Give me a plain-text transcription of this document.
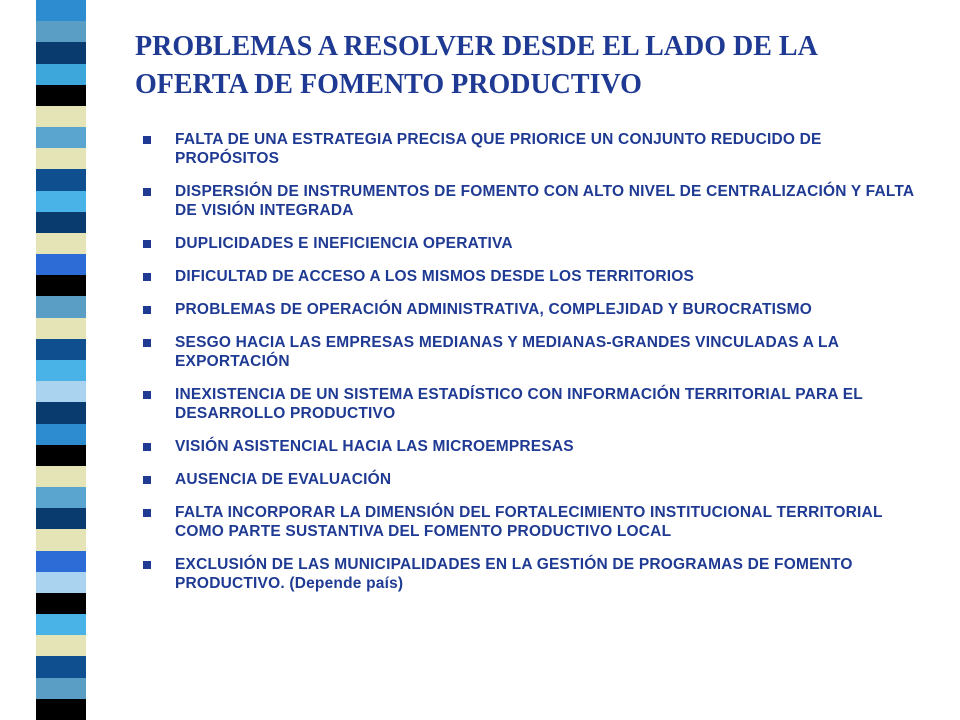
PROBLEMAS A RESOLVER DESDE EL LADO DE LA OFERTA DE FOMENTO PRODUCTIVO
FALTA DE UNA ESTRATEGIA PRECISA QUE PRIORICE UN CONJUNTO REDUCIDO DE PROPÓSITOS
DISPERSIÓN DE INSTRUMENTOS DE FOMENTO CON ALTO NIVEL DE CENTRALIZACIÓN Y FALTA DE VISIÓN INTEGRADA
DUPLICIDADES E INEFICIENCIA OPERATIVA
DIFICULTAD DE ACCESO A LOS MISMOS DESDE LOS TERRITORIOS
PROBLEMAS DE OPERACIÓN ADMINISTRATIVA, COMPLEJIDAD Y BUROCRATISMO
SESGO HACIA LAS EMPRESAS MEDIANAS Y MEDIANAS-GRANDES VINCULADAS A LA EXPORTACIÓN
INEXISTENCIA DE UN SISTEMA ESTADÍSTICO CON INFORMACIÓN TERRITORIAL PARA EL DESARROLLO PRODUCTIVO
VISIÓN ASISTENCIAL HACIA LAS MICROEMPRESAS
AUSENCIA DE EVALUACIÓN
FALTA INCORPORAR LA DIMENSIÓN DEL FORTALECIMIENTO INSTITUCIONAL TERRITORIAL COMO PARTE SUSTANTIVA DEL FOMENTO PRODUCTIVO LOCAL
EXCLUSIÓN DE LAS MUNICIPALIDADES EN LA GESTIÓN DE PROGRAMAS DE FOMENTO PRODUCTIVO. (Depende país)
